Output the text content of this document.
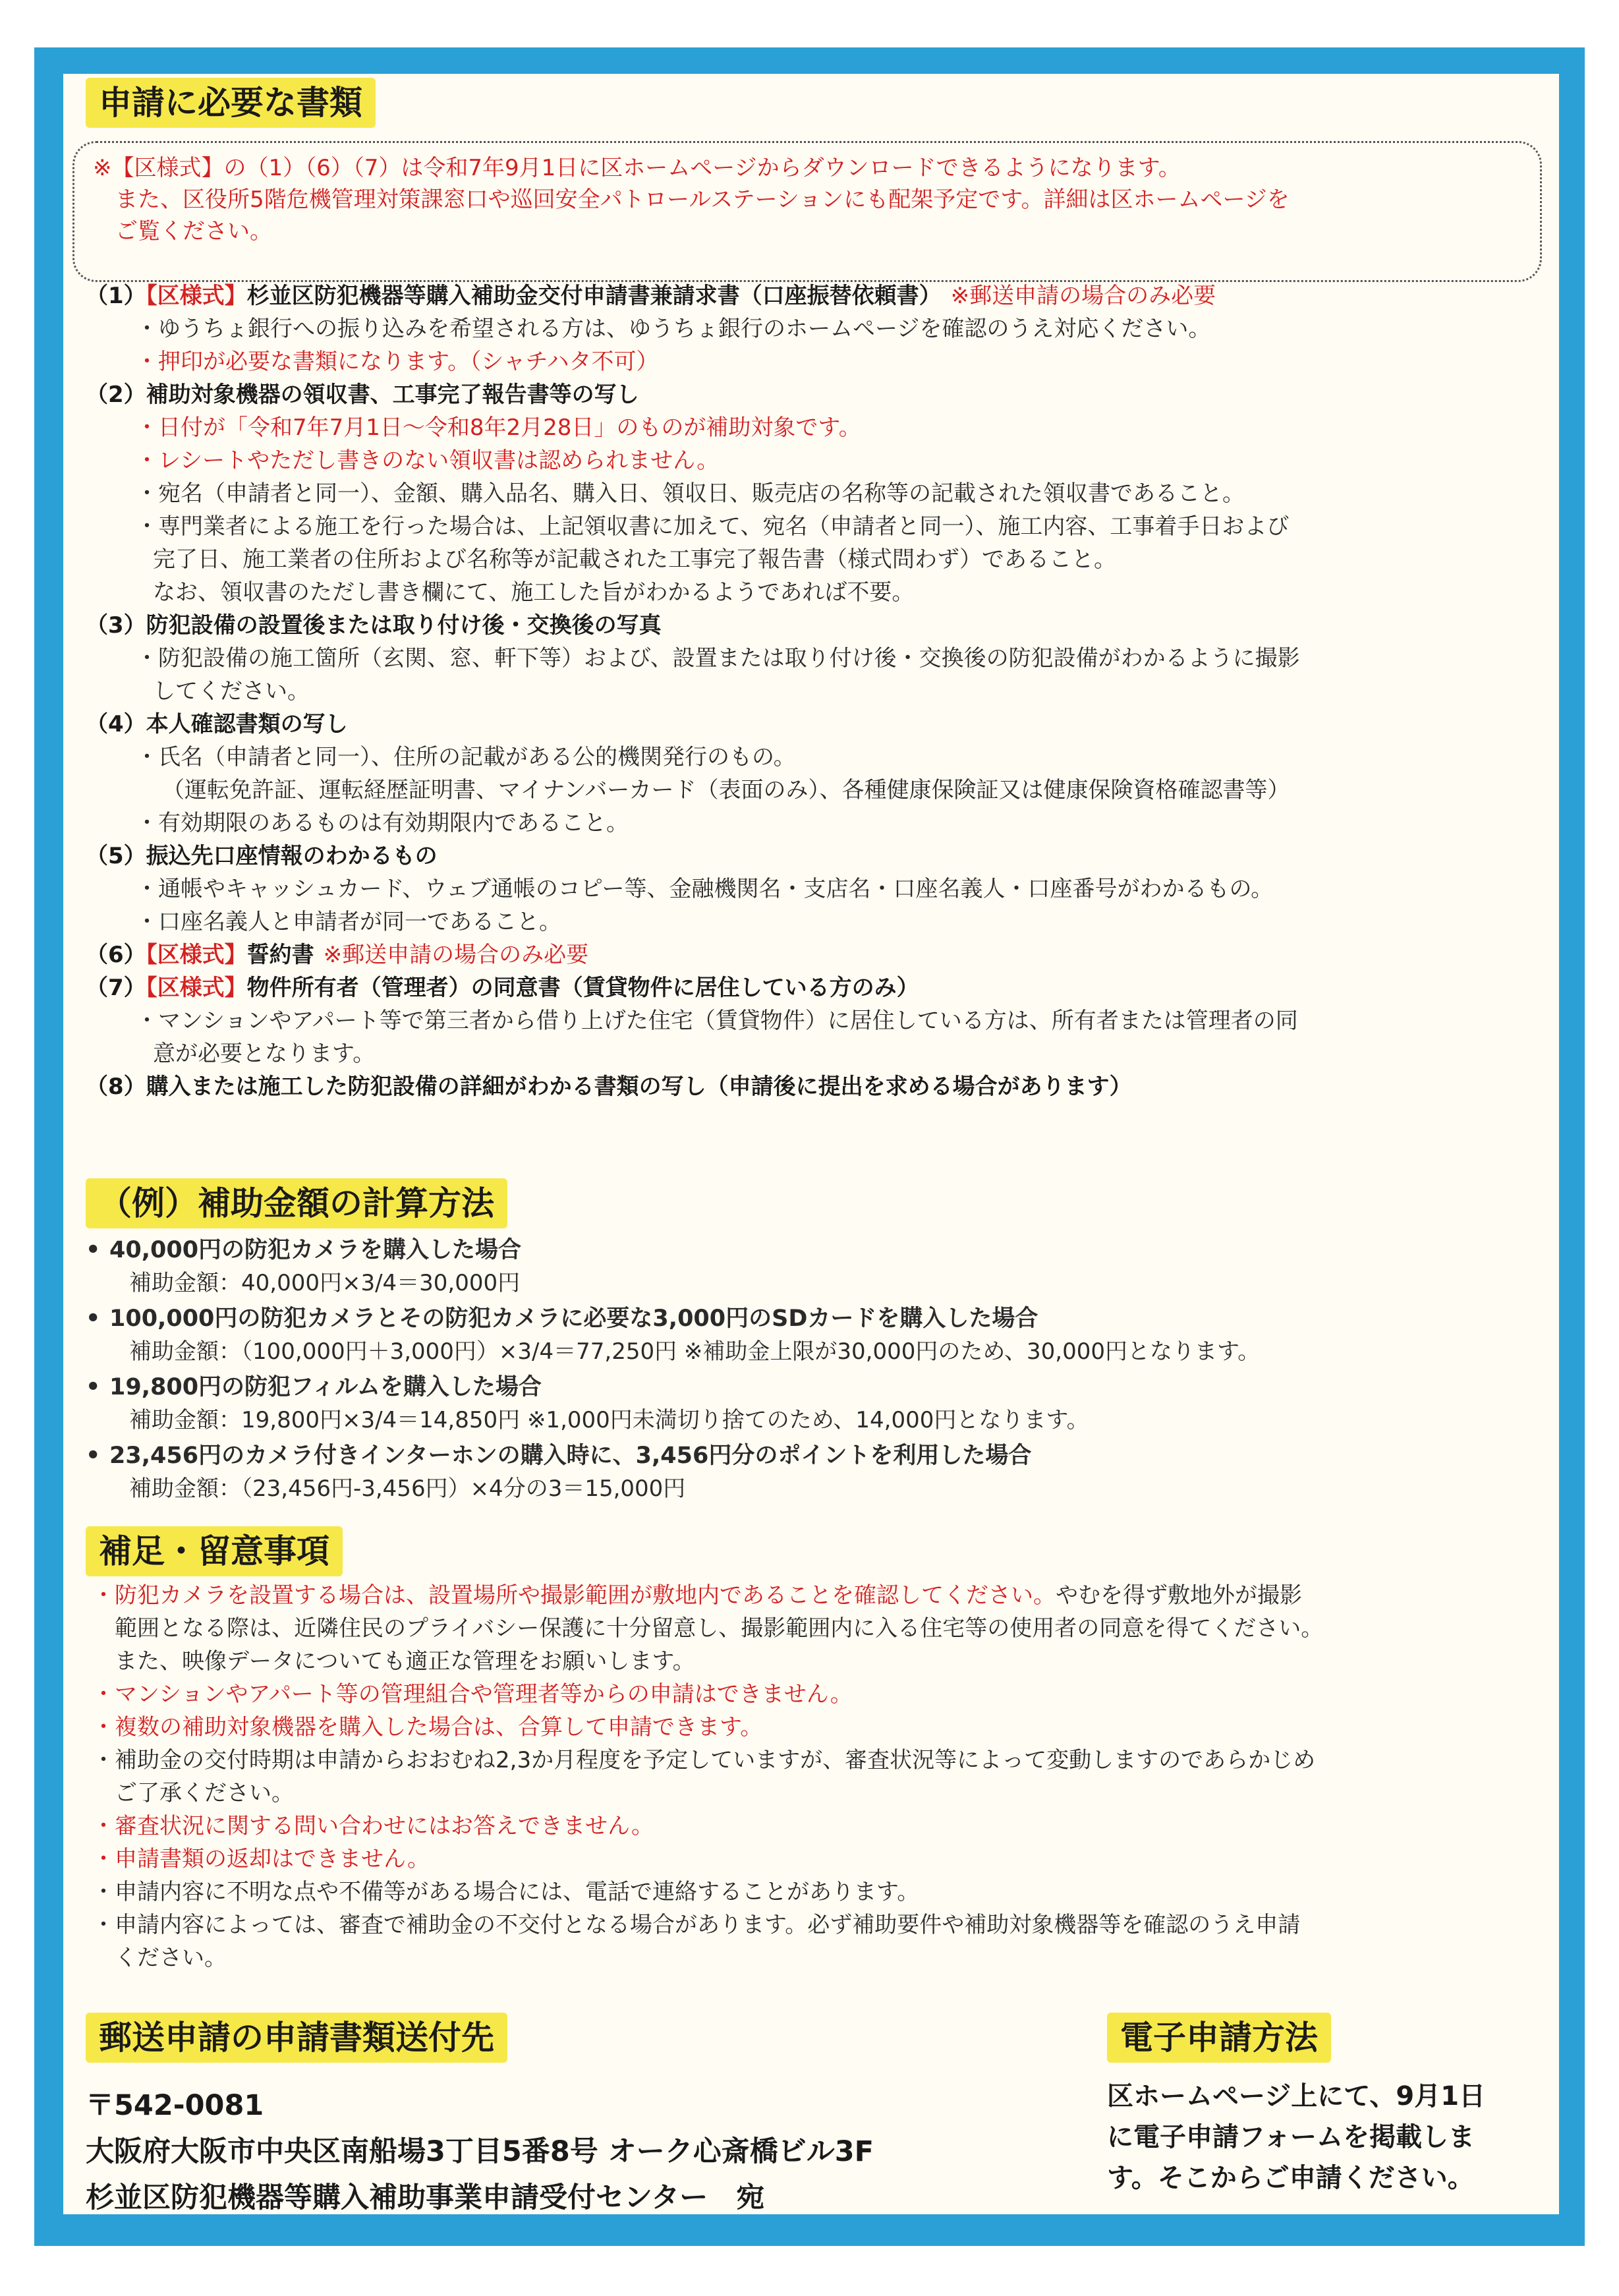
申請に必要な書類

※【区様式】の（1）（6）（7）は令和7年9月1日に区ホームページからダウンロードできるようになります。

また、区役所5階危機管理対策課窓口や巡回安全パトロールステーションにも配架予定です。詳細は区ホームページを

ご覧ください。

（1）【区様式】杉並区防犯機器等購入補助金交付申請書兼請求書（口座振替依頼書） ※郵送申請の場合のみ必要

・ゆうちょ銀行への振り込みを希望される方は、ゆうちょ銀行のホームページを確認のうえ対応ください。

・押印が必要な書類になります。（シャチハタ不可）

（2）補助対象機器の領収書、工事完了報告書等の写し

・日付が「令和7年7月1日～令和8年2月28日」のものが補助対象です。

・レシートやただし書きのない領収書は認められません。

・宛名（申請者と同一）、金額、購入品名、購入日、領収日、販売店の名称等の記載された領収書であること。

・専門業者による施工を行った場合は、上記領収書に加えて、宛名（申請者と同一）、施工内容、工事着手日および

完了日、施工業者の住所および名称等が記載された工事完了報告書（様式問わず）であること。

なお、領収書のただし書き欄にて、施工した旨がわかるようであれば不要。

（3）防犯設備の設置後または取り付け後・交換後の写真

・防犯設備の施工箇所（玄関、窓、軒下等）および、設置または取り付け後・交換後の防犯設備がわかるように撮影

してください。

（4）本人確認書類の写し

・氏名（申請者と同一）、住所の記載がある公的機関発行のもの。

（運転免許証、運転経歴証明書、マイナンバーカード（表面のみ）、各種健康保険証又は健康保険資格確認書等）

・有効期限のあるものは有効期限内であること。

（5）振込先口座情報のわかるもの

・通帳やキャッシュカード、ウェブ通帳のコピー等、金融機関名・支店名・口座名義人・口座番号がわかるもの。

・口座名義人と申請者が同一であること。

（6）【区様式】誓約書 ※郵送申請の場合のみ必要

（7）【区様式】物件所有者（管理者）の同意書（賃貸物件に居住している方のみ）

・マンションやアパート等で第三者から借り上げた住宅（賃貸物件）に居住している方は、所有者または管理者の同

意が必要となります。

（8）購入または施工した防犯設備の詳細がわかる書類の写し（申請後に提出を求める場合があります）

（例）補助金額の計算方法

• 40,000円の防犯カメラを購入した場合

補助金額：40,000円×3/4＝30,000円

• 100,000円の防犯カメラとその防犯カメラに必要な3,000円のSDカードを購入した場合

補助金額：（100,000円＋3,000円）×3/4＝77,250円 ※補助金上限が30,000円のため、30,000円となります。

• 19,800円の防犯フィルムを購入した場合

補助金額：19,800円×3/4＝14,850円 ※1,000円未満切り捨てのため、14,000円となります。

• 23,456円のカメラ付きインターホンの購入時に、3,456円分のポイントを利用した場合

補助金額：（23,456円-3,456円）×4分の3＝15,000円

補足・留意事項

・防犯カメラを設置する場合は、設置場所や撮影範囲が敷地内であることを確認してください。やむを得ず敷地外が撮影

範囲となる際は、近隣住民のプライバシー保護に十分留意し、撮影範囲内に入る住宅等の使用者の同意を得てください。

また、映像データについても適正な管理をお願いします。

・マンションやアパート等の管理組合や管理者等からの申請はできません。

・複数の補助対象機器を購入した場合は、合算して申請できます。

・補助金の交付時期は申請からおおむね2,3か月程度を予定していますが、審査状況等によって変動しますのであらかじめ

ご了承ください。

・審査状況に関する問い合わせにはお答えできません。

・申請書類の返却はできません。

・申請内容に不明な点や不備等がある場合には、電話で連絡することがあります。

・申請内容によっては、審査で補助金の不交付となる場合があります。必ず補助要件や補助対象機器等を確認のうえ申請

ください。

郵送申請の申請書類送付先

〒542-0081

大阪府大阪市中央区南船場3丁目5番8号 オーク心斎橋ビル3F

杉並区防犯機器等購入補助事業申請受付センター　宛

電子申請方法

区ホームページ上にて、9月1日

に電子申請フォームを掲載しま

す。そこからご申請ください。
